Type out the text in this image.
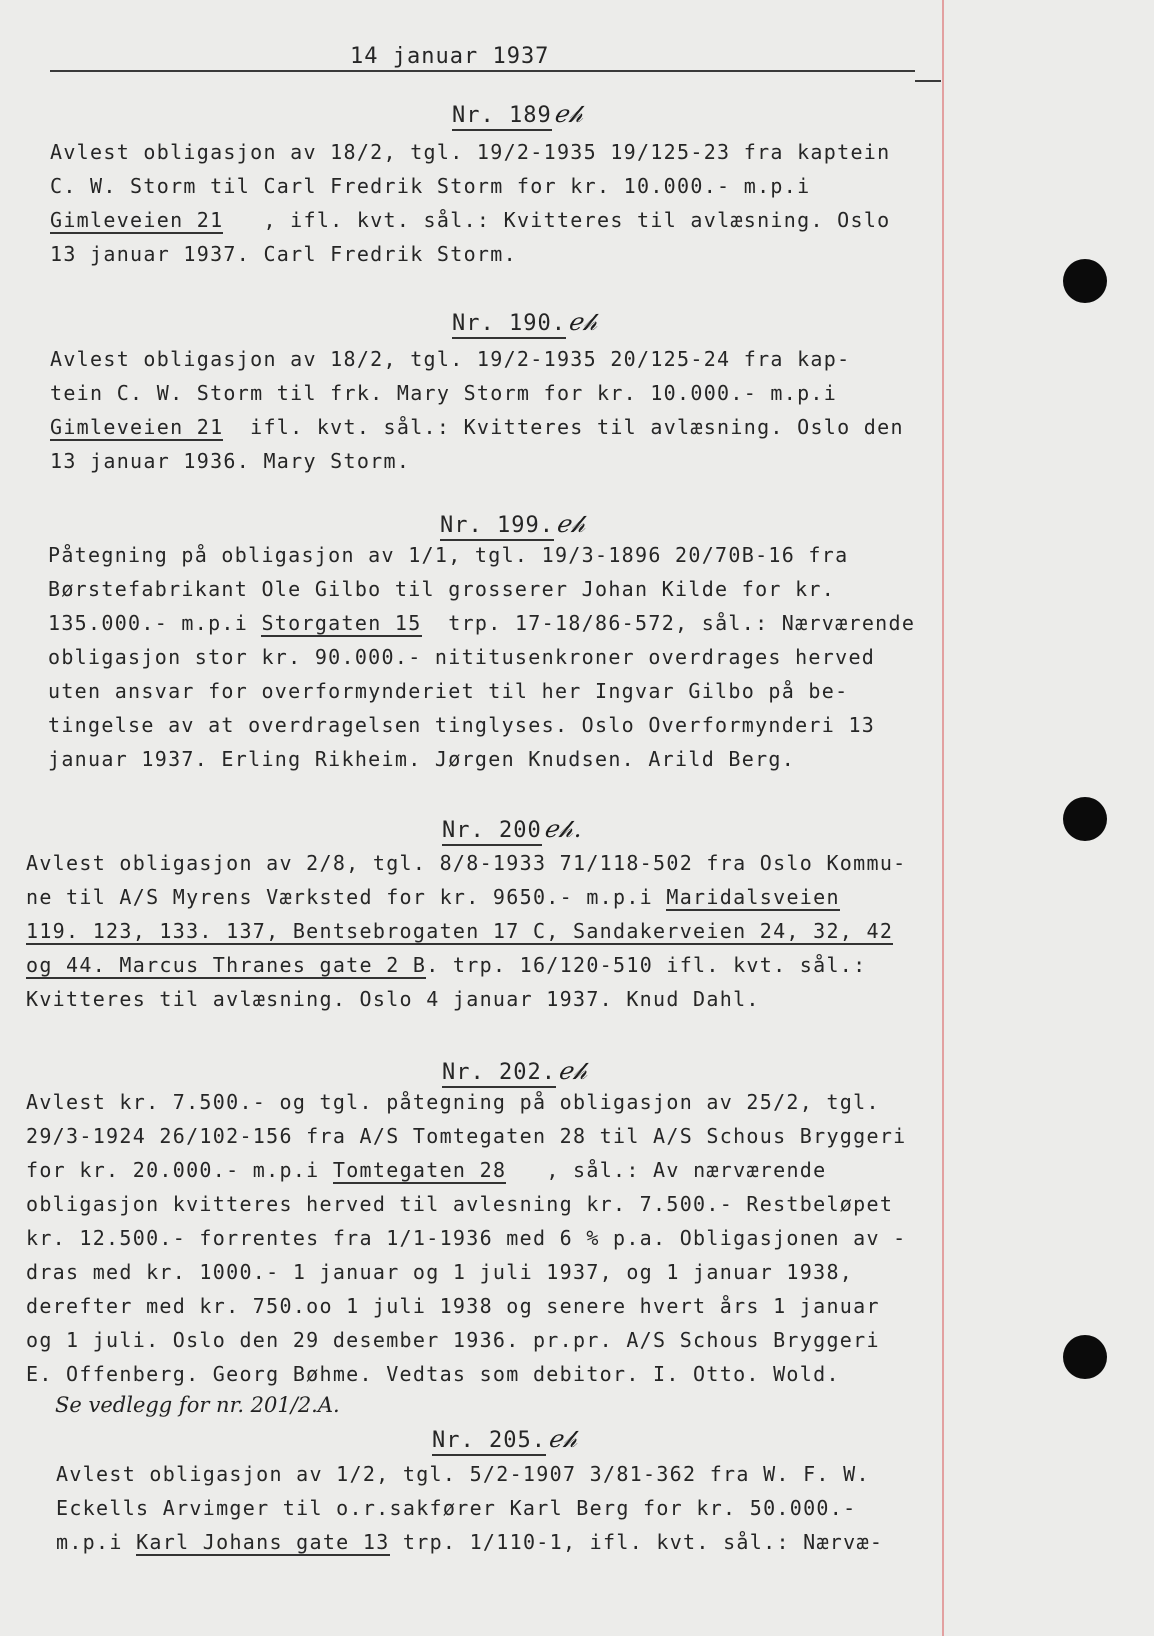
14 januar 1937
Nr. 189ℯ𝒽
Avlest obligasjon av 18/2, tgl. 19/2-1935 19/125-23 fra kaptein
C. W. Storm til Carl Fredrik Storm for kr. 10.000.- m.p.i
Gimleveien 21 , ifl. kvt. sål.: Kvitteres til avlæsning. Oslo
13 januar 1937. Carl Fredrik Storm.
Nr. 190.ℯ𝒽
Avlest obligasjon av 18/2, tgl. 19/2-1935 20/125-24 fra kap-
tein C. W. Storm til frk. Mary Storm for kr. 10.000.- m.p.i
Gimleveien 21 ifl. kvt. sål.: Kvitteres til avlæsning. Oslo den
13 januar 1936. Mary Storm.
Nr. 199.ℯ𝒽
Påtegning på obligasjon av 1/1, tgl. 19/3-1896 20/70B-16 fra
Børstefabrikant Ole Gilbo til grosserer Johan Kilde for kr.
135.000.- m.p.i Storgaten 15 trp. 17-18/86-572, sål.: Nærværende
obligasjon stor kr. 90.000.- nititusenkroner overdrages herved
uten ansvar for overformynderiet til her Ingvar Gilbo på be-
tingelse av at overdragelsen tinglyses. Oslo Overformynderi 13
januar 1937. Erling Rikheim. Jørgen Knudsen. Arild Berg.
Nr. 200ℯ𝒽.
Avlest obligasjon av 2/8, tgl. 8/8-1933 71/118-502 fra Oslo Kommu-
ne til A/S Myrens Værksted for kr. 9650.- m.p.i Maridalsveien
119. 123, 133. 137, Bentsebrogaten 17 C, Sandakerveien 24, 32, 42
og 44. Marcus Thranes gate 2 B. trp. 16/120-510 ifl. kvt. sål.:
Kvitteres til avlæsning. Oslo 4 januar 1937. Knud Dahl.
Nr. 202.ℯ𝒽
Avlest kr. 7.500.- og tgl. påtegning på obligasjon av 25/2, tgl.
29/3-1924 26/102-156 fra A/S Tomtegaten 28 til A/S Schous Bryggeri
for kr. 20.000.- m.p.i Tomtegaten 28 , sål.: Av nærværende
obligasjon kvitteres herved til avlesning kr. 7.500.- Restbeløpet
kr. 12.500.- forrentes fra 1/1-1936 med 6 % p.a. Obligasjonen av -
dras med kr. 1000.- 1 januar og 1 juli 1937, og 1 januar 1938,
derefter med kr. 750.oo 1 juli 1938 og senere hvert års 1 januar
og 1 juli. Oslo den 29 desember 1936. pr.pr. A/S Schous Bryggeri
E. Offenberg. Georg Bøhme. Vedtas som debitor. I. Otto. Wold.
Se vedlegg for nr. 201/2.A.
Nr. 205.ℯ𝒽
Avlest obligasjon av 1/2, tgl. 5/2-1907 3/81-362 fra W. F. W.
Eckells Arvimger til o.r.sakfører Karl Berg for kr. 50.000.-
m.p.i Karl Johans gate 13 trp. 1/110-1, ifl. kvt. sål.: Nærvæ-
